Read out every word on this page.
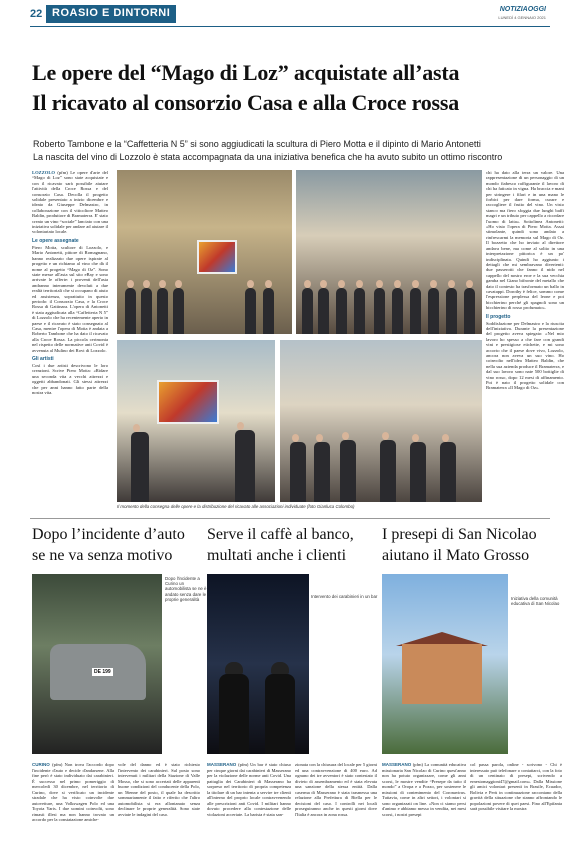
22 ROASIO E DINTORNI	NOTIZIAOGGI
LUNEDÌ 4 GENNAIO 2021
Le opere del “Mago di Loz” acquistate all’asta
Il ricavato al consorzio Casa e alla Croce rossa

Roberto Tambone e la “Caffetteria N 5” si sono aggiudicati la scultura di Piero Motta e il dipinto di Mario Antonetti

La nascita del vino di Lozzolo è stata accompagnata da una iniziativa benefica che ha avuto subito un ottimo riscontro

LOZZOLO (pfm) Le opere d'arte del “Mago di Loz” sono state acquistate e con il ricavato sarà possibile aiutare l'attività della Croce Rossa e del consorzio Casa. Decolla il progetto solidale presentato a inizio dicembre e ideato da Giuseppe Delmastro, in collaborazione con il viticoltore Matteo Baldin, produttore di Bramaterra. E' stato creato un vino “sociale” lanciato con una iniziativa solidale per andare ad aiutare il volontariato locale.
Le opere assegnate
Piero Motta, scultore di Lozzolo, e Mario Antonetti, pittore di Romagnano, hanno realizzato due opere ispirate al progetto e un richiamo al vino che dà il nome al progetto “Mago di Oz”. Sono state messe all'asta sul sito eBay e sono arrivate le offerte: i proventi dell'asta andranno interamente devoluti a due realtà territoriali che si occupano di aiuto ed assistenza, soprattutto in questo periodo: il Consorzio Casa, e la Croce Rossa di Gattinara. L'opera di Antonetti è stata aggiudicata alla “Caffetteria N 5” di Lozzolo che ha recentemente aperto in paese e il ricavato è stato consegnato al Casa, mentre l'opera di Motta è andata a Roberto Tambone che ha dato il ricavato alla Croce Rossa. La piccola cerimonia nel rispetto delle normative anti Covid è avvenuta al Mulino dei Rovi di Lozzolo.
Gli artisti
Così i due artisti descrivono le loro creazioni. Scrive Piero Motta: «Ridare una seconda vita a vecchi attrezzi e oggetti abbandonati. Gli stessi attrezzi che per anni hanno fatto parte della nostra vita.
chi ha dato alla terra un valore. Una rappresentazione di un personaggio di un mondo fiabesco raffigurante il lavoro di chi ha faticato in vigna. Ha braccia e mani per stringere i filari e in una mano le forbici per dare forma, curare e raccogliere il frutto del vino. Un visto stanco ma fiero sfoggia due lunghi baffi magri e un tributo per cappello a ricordare l'uomo di latta». Sottolinea Antonetti: «Ho visto l'opera di Piero Motta. Assai stimolante, quindi sono andato a rinfrescarmi la memoria sul Mago di Oz. Il bozzetto che ho inviato al direttore andava bene, ma come al solito in una interpretazione pittorica è un po' indisciplinata. Quindi ho aggiunto i dettagli che mi sembravano divertenti: due passerotti che fanno il nido nel cappello del nostro eroe e la sua vecchia gamba nel Giano bifronte del metallo che dato il contesto ha trasformato un ballo in cavatappi. Dorothy è felice, sommo come l'espressione perplessa del leone e poi bicchierino perché gli spagnoli sono un bicchierino di rosso profumato».
Il progetto
Soddisfazione per Delmastro e la riuscita dell'iniziativa. Durante la presentazione del progetto aveva spiegato: «Nel mio lavoro ho spesso a che fare con grandi vini e prestigiose etichette, e mi sono accorto che il paese dove vivo, Lozzolo, ancora non aveva un suo vino. Ho coinvolto nell'idea Matteo Baldin, che nella sua azienda produce il Bramaterra, e dal suo lavoro sono nate 500 bottiglie di vino rosso, dopo 12 mesi di affinamento. Poi è nato il progetto solidale con Bramaterra «Il Mago di Oz».

Il momento della consegna delle opere e la distribuzione del ricavato alle associazioni individuate (foto Gianluca Colombo)

Dopo l’incidente d’auto se ne va senza motivo
Serve il caffè al banco, multati anche i clienti
I presepi di San Nicolao aiutano il Mato Grosso
DE 199

Dopo l'incidente a Curino un automobilista se ne è andato senza dare le proprie generalità

Intervento dei carabinieri in un bar	Iniziativa della comunità educativa di San Nicolao

CURINO (pfm) Non trova l'accordo dopo l'incidente d'auto e decide d'andarsene. Alla fine però è stato individuato dai carabinieri. È successo nel primo pomeriggio di mercoledì 30 dicembre, nel territorio di Curino, dove si verificato un incidente stradale che ha visto coinvolte due autovetture, una Volkswagen Polo ed una Toyota Yaris. I due uomini coinvolti, sono rimasti illesi ma non hanno trovato un accordo per la constatazione amiche-

vole del danno ed è stato richiesto l'intervento dei carabinieri. Sul posto sono intervenuti i militari della Stazione di Valle Mosso, che si sono accertati delle apparenti buone condizioni del conducente della Polo, un 56enne del posto, il quale ha descritto sommariamente il fatto e riferito che l'altro automobilista si era allontanato senza declinare le proprie generalità. Sono state avviate le indagini del caso.

MASSERANO (pfm) Un bar è stato chiuso per cinque giorni dai carabinieri di Masserano per la violazione delle norme anti Covid. Una pattuglia dei Carabinieri di Masserano ha sorpreso nel territorio di propria competenza la titolare di un bar intenta a servire tre clienti all'interno del proprio locale contravvenendo alle prescrizioni anti Covid. I militari hanno dovuto procedere alla contestazione delle violazioni accertate. La barista è stata san-

zionata con la chiusura del locale per 5 giorni ed una contravvenzione di 400 euro. Ad ognuno dei tre avventori è stato contestato il divieto di assembramento ed è stata elevata una sanzione della stessa entità. Dalla caserma di Masserano è stata trasmessa una relazione alla Prefettura di Biella per le decisioni del caso. I controlli nei locali proseguiranno anche in questi giorni dove l'Italia è ancora in zona rossa.

MASSERANO (pfm) La comunità educativa missionaria San Nicolao di Curino quest'anno non ha potuto organizzare, come gli anni scorsi, le mostre vendite “Presepe da tutto il mondo” a Oropa e a Pozzo, per sostenere le missioni di contenimento del Coronavirus. Tuttavia, come in altri settori, i volontari si sono organizzati on line. «Non ci siamo persi d'animo e abbiamo messo in vendita, nei mesi scorsi, i nostri presepi

col passa parola, online - scrivono - Chi è interessato può telefonare o contattarci, con la foto di un centinaio di presepi, scrivendo a ernestomaggioni47@gmail.com». Dalla Missione gli amici volontari presenti in Brasile, Ecuador, Bolivia e Perù in continuazione raccontano della gravità della situazione che stanno affrontando le popolazioni povere di quei paesi. Fino all'Epifania sarà possibile visitare la mostra
